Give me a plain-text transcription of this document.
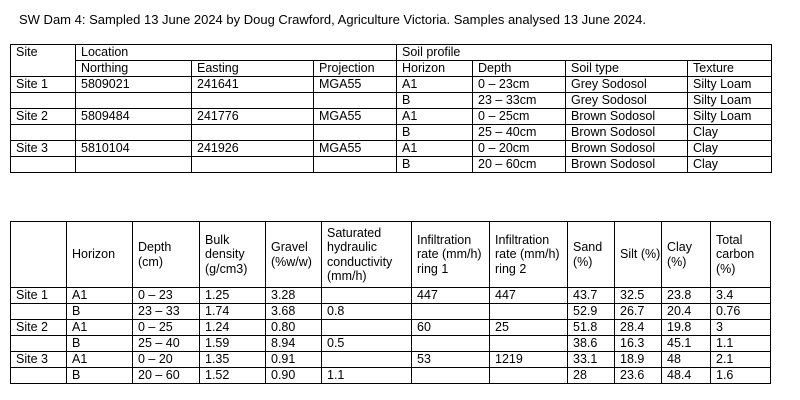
SW Dam 4: Sampled 13 June 2024 by Doug Crawford, Agriculture Victoria. Samples analysed 13 June 2024.
Site	Location			Soil profile			
	Northing	Easting	Projection	Horizon	Depth	Soil type	Texture
Site 1	5809021	241641	MGA55	A1	0 – 23cm	Grey Sodosol	Silty Loam
				B	23 – 33cm	Grey Sodosol	Silty Loam
Site 2	5809484	241776	MGA55	A1	0 – 25cm	Brown Sodosol	Silty Loam
				B	25 – 40cm	Brown Sodosol	Clay
Site 3	5810104	241926	MGA55	A1	0 – 20cm	Brown Sodosol	Clay
				B	20 – 60cm	Brown Sodosol	Clay
	Horizon	Depth (cm)	Bulk density (g/cm3)	Gravel (%w/w)	Saturated hydraulic conductivity (mm/h)	Infiltration rate (mm/h) ring 1	Infiltration rate (mm/h) ring 2	Sand (%)	Silt (%)	Clay (%)	Total carbon (%)
Site 1	A1	0 – 23	1.25	3.28		447	447	43.7	32.5	23.8	3.4
	B	23 – 33	1.74	3.68	0.8			52.9	26.7	20.4	0.76
Site 2	A1	0 – 25	1.24	0.80		60	25	51.8	28.4	19.8	3
	B	25 – 40	1.59	8.94	0.5			38.6	16.3	45.1	1.1
Site 3	A1	0 – 20	1.35	0.91		53	1219	33.1	18.9	48	2.1
	B	20 – 60	1.52	0.90	1.1			28	23.6	48.4	1.6
